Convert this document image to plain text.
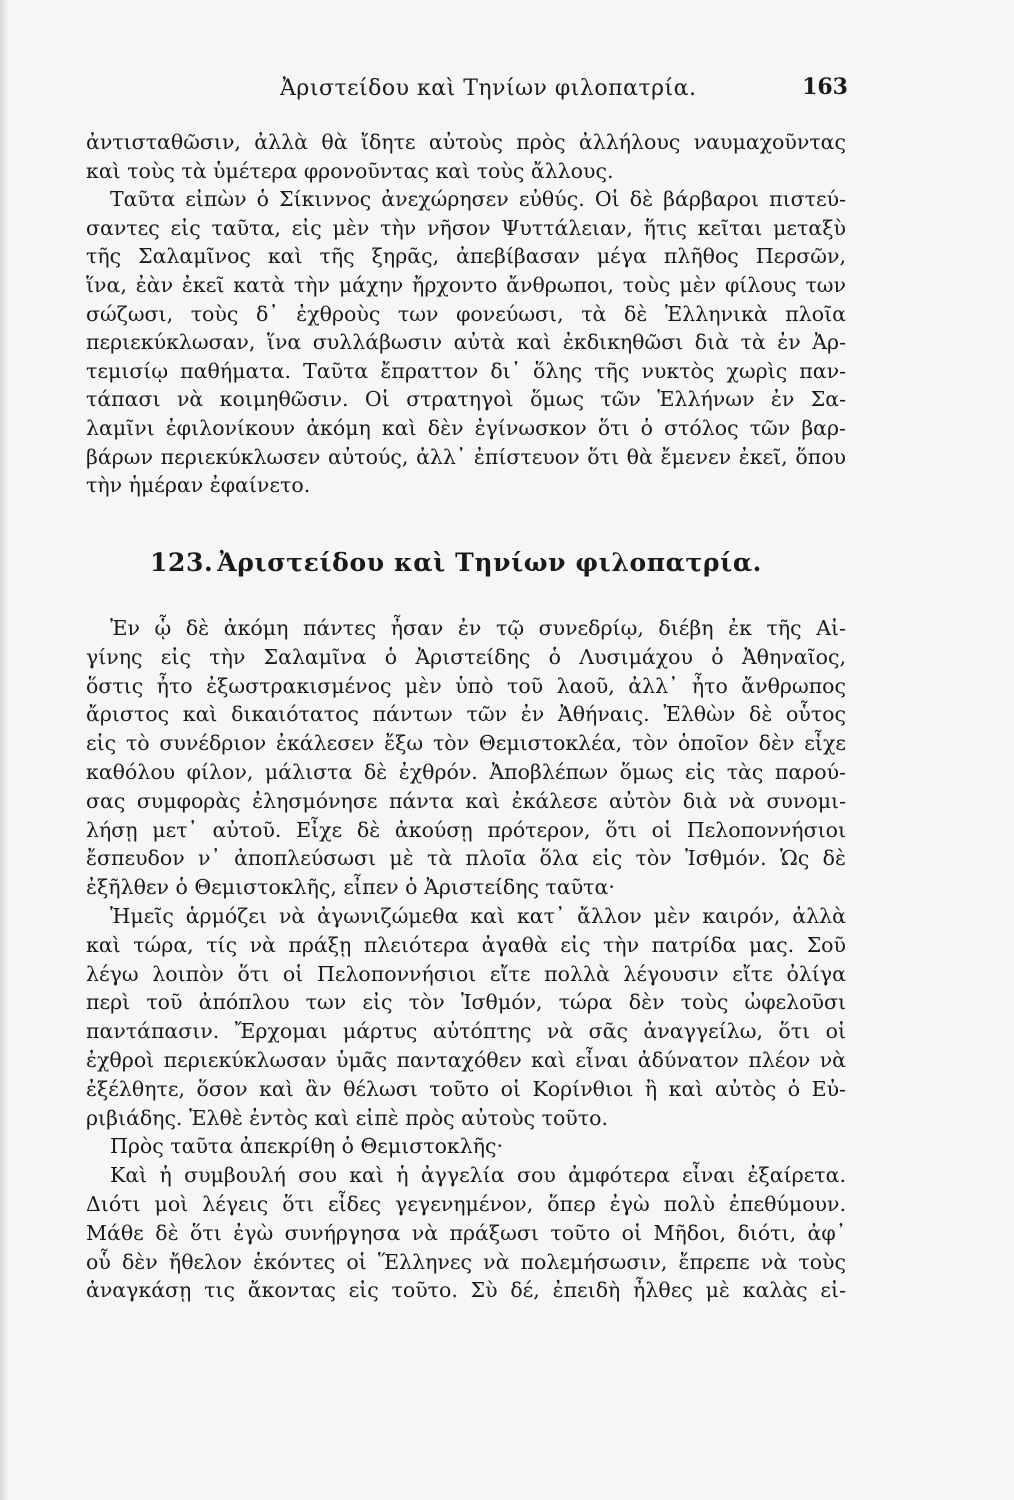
Ἀριστείδου καὶ Τηνίων φιλοπατρία.	163
ἀντισταθῶσιν, ἀλλὰ θὰ ἴδητε αὐτοὺς πρὸς ἀλλήλους ναυμαχοῦντας
καὶ τοὺς τὰ ὑμέτερα φρονοῦντας καὶ τοὺς ἄλλους.
Ταῦτα εἰπὼν ὁ Σίκιννος ἀνεχώρησεν εὐθύς. Οἱ δὲ βάρβαροι πιστεύ-
σαντες εἰς ταῦτα, εἰς μὲν τὴν νῆσον Ψυττάλειαν, ἥτις κεῖται μεταξὺ
τῆς Σαλαμῖνος καὶ τῆς ξηρᾶς, ἀπεβίβασαν μέγα πλῆθος Περσῶν,
ἵνα, ἐὰν ἐκεῖ κατὰ τὴν μάχην ἤρχοντο ἄνθρωποι, τοὺς μὲν φίλους των
σώζωσι, τοὺς δ᾽ ἐχθροὺς των φονεύωσι, τὰ δὲ Ἑλληνικὰ πλοῖα
περιεκύκλωσαν, ἵνα συλλάβωσιν αὐτὰ καὶ ἐκδικηθῶσι διὰ τὰ ἐν Ἀρ-
τεμισίῳ παθήματα. Ταῦτα ἔπραττον δι᾽ ὅλης τῆς νυκτὸς χωρὶς παν-
τάπασι νὰ κοιμηθῶσιν. Οἱ στρατηγοὶ ὅμως τῶν Ἑλλήνων ἐν Σα-
λαμῖνι ἐφιλονίκουν ἀκόμη καὶ δὲν ἐγίνωσκον ὅτι ὁ στόλος τῶν βαρ-
βάρων περιεκύκλωσεν αὐτούς, ἀλλ᾽ ἐπίστευον ὅτι θὰ ἔμενεν ἐκεῖ, ὅπου
τὴν ἡμέραν ἐφαίνετο.
123. Ἀριστείδου καὶ Τηνίων φιλοπατρία.
Ἐν ᾧ δὲ ἀκόμη πάντες ἦσαν ἐν τῷ συνεδρίῳ, διέβη ἐκ τῆς Αἰ-
γίνης εἰς τὴν Σαλαμῖνα ὁ Ἀριστείδης ὁ Λυσιμάχου ὁ Ἀθηναῖος,
ὅστις ἦτο ἐξωστρακισμένος μὲν ὑπὸ τοῦ λαοῦ, ἀλλ᾽ ἦτο ἄνθρωπος
ἄριστος καὶ δικαιότατος πάντων τῶν ἐν Ἀθήναις. Ἐλθὼν δὲ οὗτος
εἰς τὸ συνέδριον ἐκάλεσεν ἔξω τὸν Θεμιστοκλέα, τὸν ὁποῖον δὲν εἶχε
καθόλου φίλον, μάλιστα δὲ ἐχθρόν. Ἀποβλέπων ὅμως εἰς τὰς παρού-
σας συμφορὰς ἐλησμόνησε πάντα καὶ ἐκάλεσε αὐτὸν διὰ νὰ συνομι-
λήσῃ μετ᾽ αὐτοῦ. Εἶχε δὲ ἀκούσῃ πρότερον, ὅτι οἱ Πελοποννήσιοι
ἔσπευδον ν᾽ ἀποπλεύσωσι μὲ τὰ πλοῖα ὅλα εἰς τὸν Ἰσθμόν. Ὡς δὲ
ἐξῆλθεν ὁ Θεμιστοκλῆς, εἶπεν ὁ Ἀριστείδης ταῦτα·
Ἡμεῖς ἁρμόζει νὰ ἀγωνιζώμεθα καὶ κατ᾽ ἄλλον μὲν καιρόν, ἀλλὰ
καὶ τώρα, τίς νὰ πράξῃ πλειότερα ἀγαθὰ εἰς τὴν πατρίδα μας. Σοῦ
λέγω λοιπὸν ὅτι οἱ Πελοποννήσιοι εἴτε πολλὰ λέγουσιν εἴτε ὀλίγα
περὶ τοῦ ἀπόπλου των εἰς τὸν Ἰσθμόν, τώρα δὲν τοὺς ὠφελοῦσι
παντάπασιν. Ἔρχομαι μάρτυς αὐτόπτης νὰ σᾶς ἀναγγείλω, ὅτι οἱ
ἐχθροὶ περιεκύκλωσαν ὑμᾶς πανταχόθεν καὶ εἶναι ἀδύνατον πλέον νὰ
ἐξέλθητε, ὅσον καὶ ἂν θέλωσι τοῦτο οἱ Κορίνθιοι ἢ καὶ αὐτὸς ὁ Εὐ-
ριβιάδης. Ἐλθὲ ἐντὸς καὶ εἰπὲ πρὸς αὐτοὺς τοῦτο.
Πρὸς ταῦτα ἀπεκρίθη ὁ Θεμιστοκλῆς·
Καὶ ἡ συμβουλή σου καὶ ἡ ἀγγελία σου ἀμφότερα εἶναι ἐξαίρετα.
Διότι μοὶ λέγεις ὅτι εἶδες γεγενημένον, ὅπερ ἐγὼ πολὺ ἐπεθύμουν.
Μάθε δὲ ὅτι ἐγὼ συνήργησα νὰ πράξωσι τοῦτο οἱ Μῆδοι, διότι, ἀφ᾽
οὗ δὲν ἤθελον ἑκόντες οἱ Ἕλληνες νὰ πολεμήσωσιν, ἔπρεπε νὰ τοὺς
ἀναγκάσῃ τις ἄκοντας εἰς τοῦτο. Σὺ δέ, ἐπειδὴ ἦλθες μὲ καλὰς εἰ-
